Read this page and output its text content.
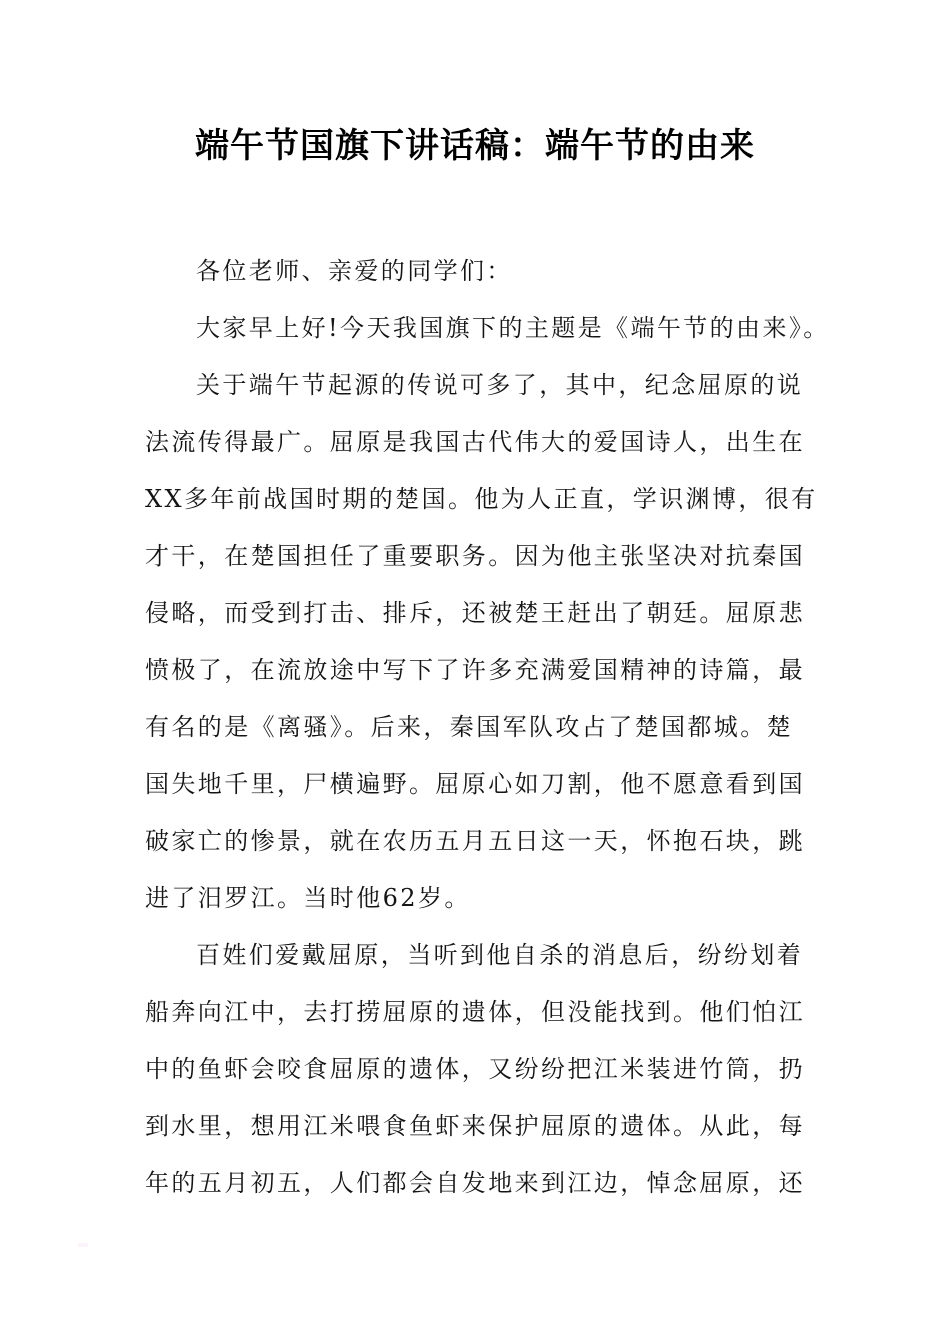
端午节国旗下讲话稿：端午节的由来
各位老师、亲爱的同学们：
大家早上好!今天我国旗下的主题是《端午节的由来》。
关于端午节起源的传说可多了，其中，纪念屈原的说
法流传得最广。屈原是我国古代伟大的爱国诗人，出生在
XX多年前战国时期的楚国。他为人正直，学识渊博，很有
才干，在楚国担任了重要职务。因为他主张坚决对抗秦国
侵略，而受到打击、排斥，还被楚王赶出了朝廷。屈原悲
愤极了，在流放途中写下了许多充满爱国精神的诗篇，最
有名的是《离骚》。后来，秦国军队攻占了楚国都城。楚
国失地千里，尸横遍野。屈原心如刀割，他不愿意看到国
破家亡的惨景，就在农历五月五日这一天，怀抱石块，跳
进了汨罗江。当时他62岁。
百姓们爱戴屈原，当听到他自杀的消息后，纷纷划着
船奔向江中，去打捞屈原的遗体，但没能找到。他们怕江
中的鱼虾会咬食屈原的遗体，又纷纷把江米装进竹筒，扔
到水里，想用江米喂食鱼虾来保护屈原的遗体。从此，每
年的五月初五，人们都会自发地来到江边，悼念屈原，还
